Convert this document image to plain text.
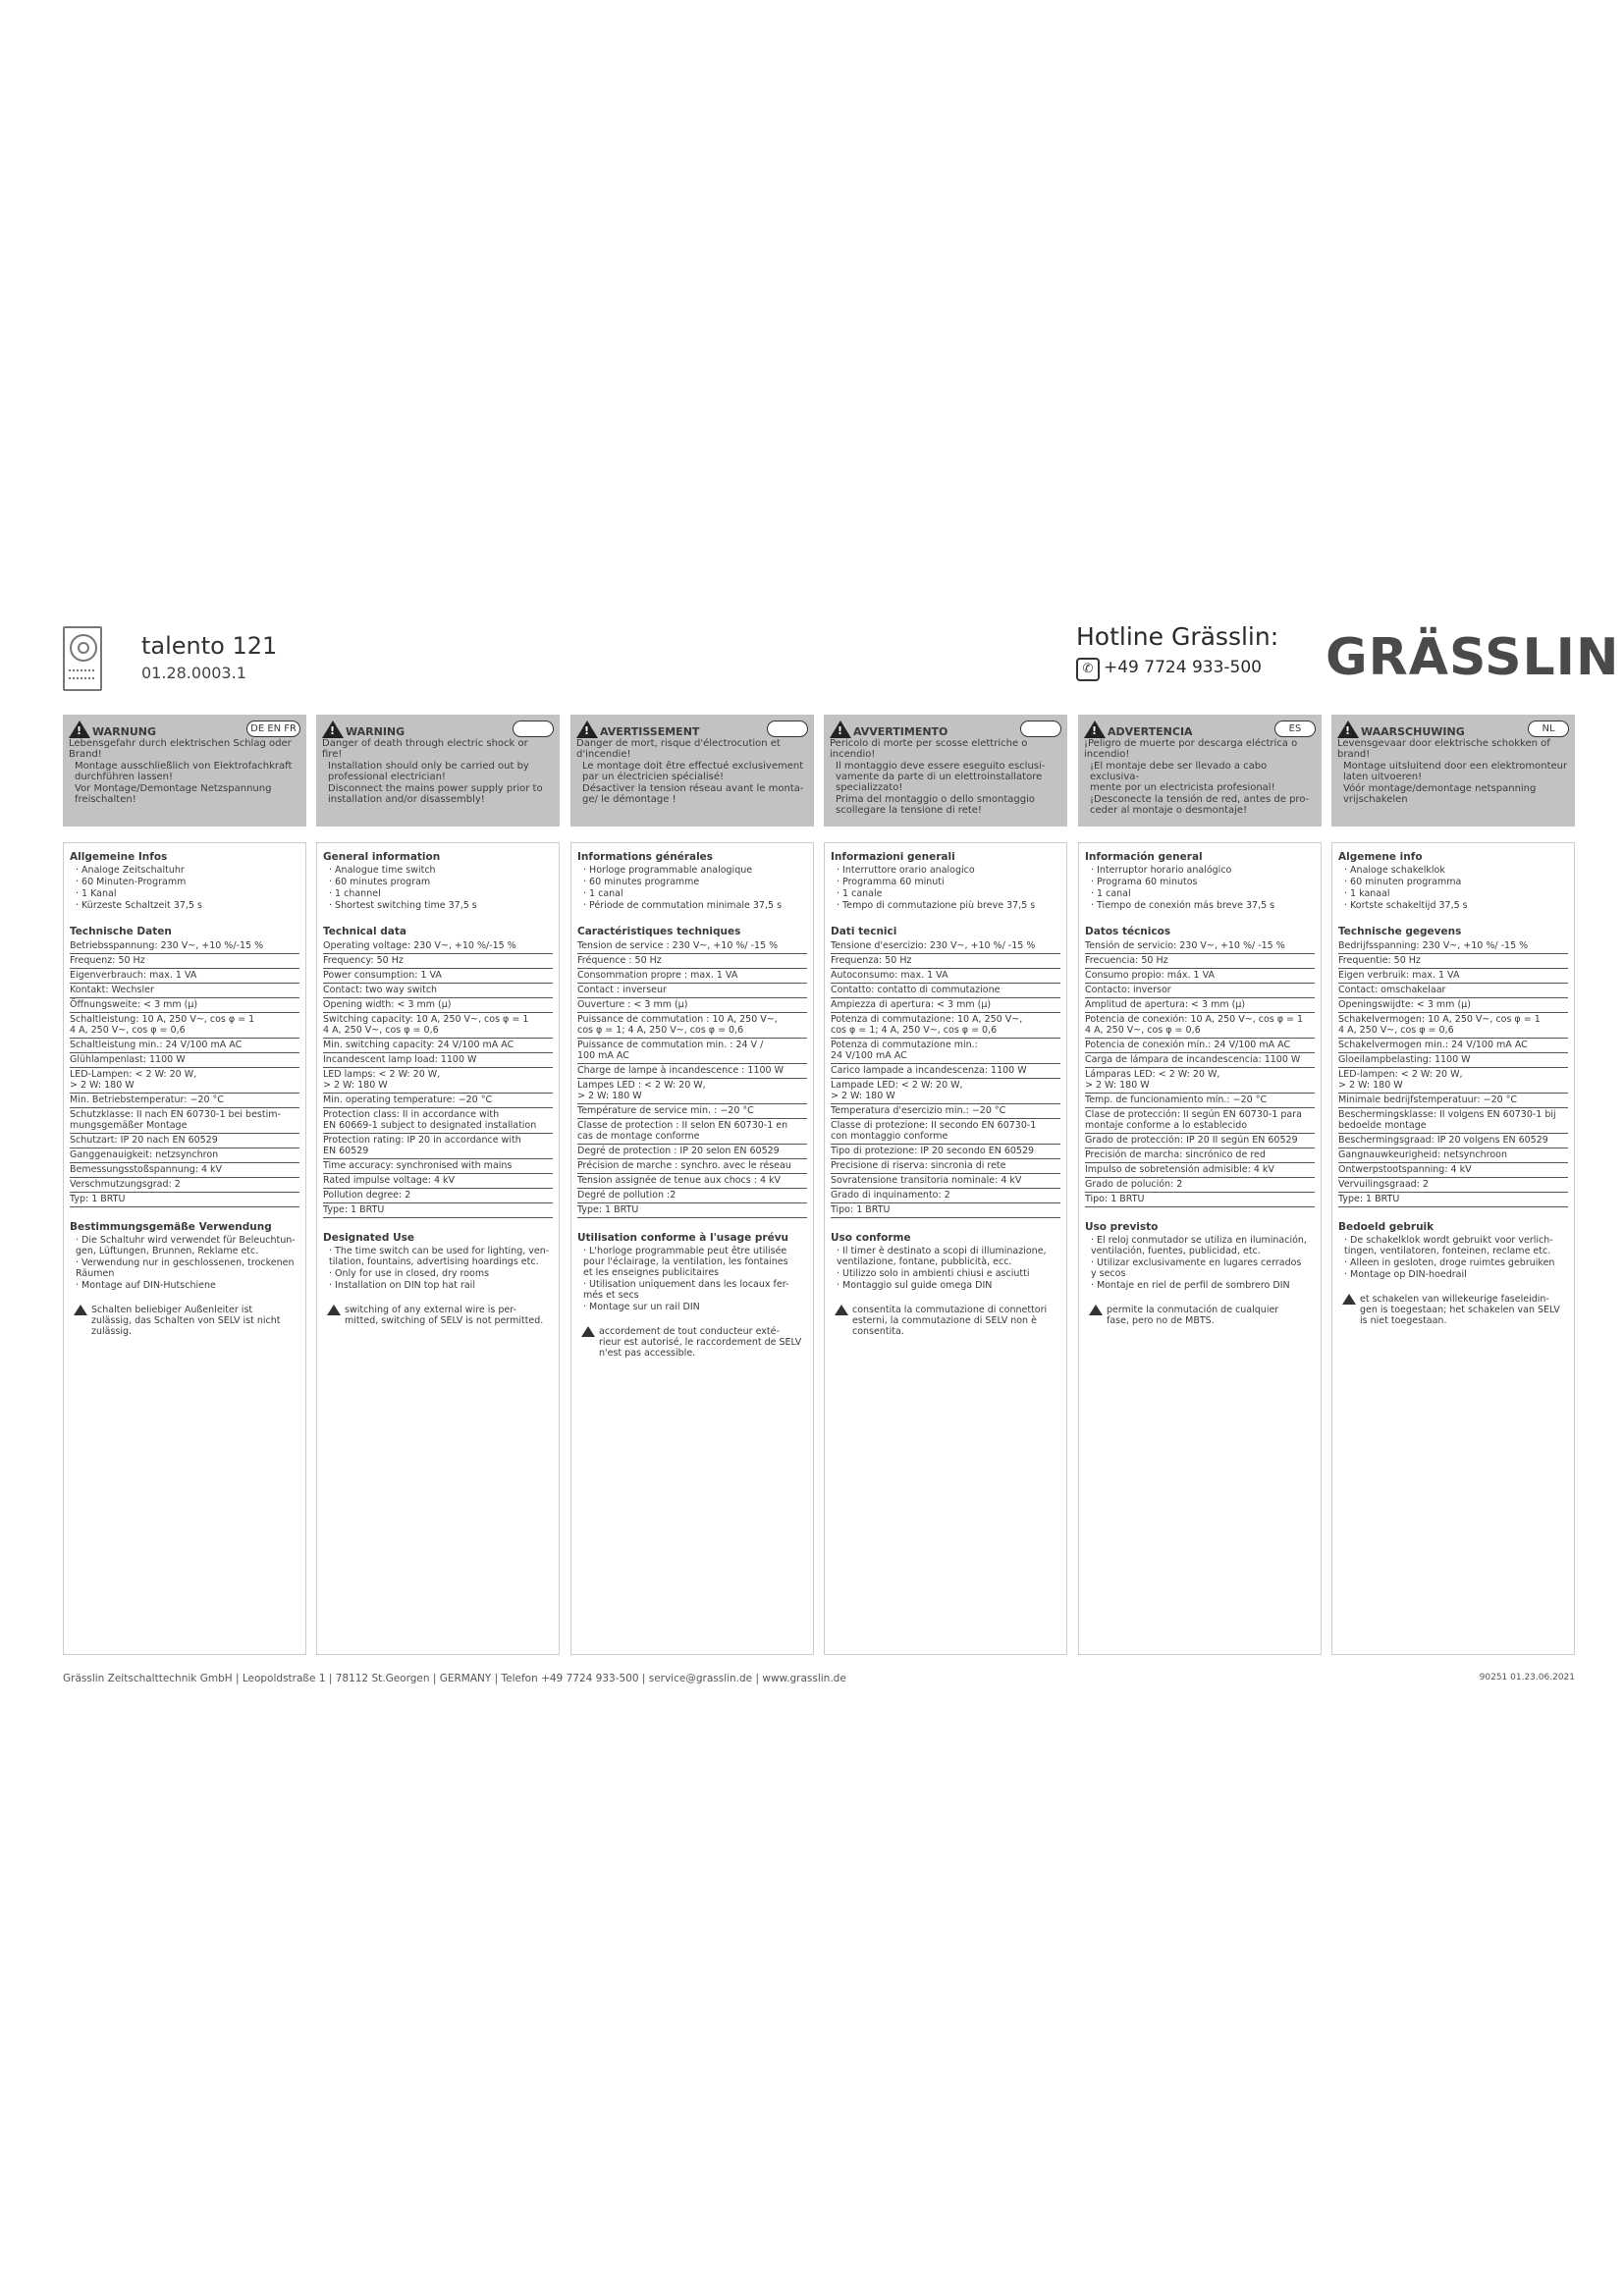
talento 121
01.28.0003.1
Hotline Grässlin:
✆ +49 7724 933-500 GRÄSSLIN
!
WARNUNG	DE EN FR

Lebensgefahr durch elektrischen Schlag oder
Brand!

Montage ausschließlich von Elektrofachkraft
durchführen lassen!

Vor Montage/Demontage Netzspannung
freischalten!

Allgemeine Infos
· Analoge Zeitschaltuhr
· 60 Minuten-Programm
· 1 Kanal
· Kürzeste Schaltzeit 37,5 s
Technische Daten
Betriebsspannung: 230 V~, +10 %/-15 %
Frequenz: 50 Hz
Eigenverbrauch: max. 1 VA
Kontakt: Wechsler
Öffnungsweite: < 3 mm (µ)
Schaltleistung: 10 A, 250 V~, cos φ = 1
4 A, 250 V~, cos φ = 0,6
Schaltleistung min.: 24 V/100 mA AC
Glühlampenlast: 1100 W
LED-Lampen: < 2 W: 20 W,
> 2 W: 180 W
Min. Betriebstemperatur: −20 °C
Schutzklasse: II nach EN 60730-1 bei bestim-
mungsgemäßer Montage
Schutzart: IP 20 nach EN 60529
Ganggenauigkeit: netzsynchron
Bemessungsstoßspannung: 4 kV
Verschmutzungsgrad: 2
Typ: 1 BRTU
Bestimmungsgemäße Verwendung
· Die Schaltuhr wird verwendet für Beleuchtun-
gen, Lüftungen, Brunnen, Reklame etc.
· Verwendung nur in geschlossenen, trockenen
Räumen
· Montage auf DIN-Hutschiene
Schalten beliebiger Außenleiter ist
zulässig, das Schalten von SELV ist nicht
zulässig.
!
WARNING

Danger of death through electric shock or
fire!

Installation should only be carried out by
professional electrician!

Disconnect the mains power supply prior to
installation and/or disassembly!

General information
· Analogue time switch
· 60 minutes program
· 1 channel
· Shortest switching time 37,5 s
Technical data
Operating voltage: 230 V~, +10 %/-15 %
Frequency: 50 Hz
Power consumption: 1 VA
Contact: two way switch
Opening width: < 3 mm (µ)
Switching capacity: 10 A, 250 V~, cos φ = 1
4 A, 250 V~, cos φ = 0,6
Min. switching capacity: 24 V/100 mA AC
Incandescent lamp load: 1100 W
LED lamps: < 2 W: 20 W,
> 2 W: 180 W
Min. operating temperature: −20 °C
Protection class: II in accordance with
EN 60669-1 subject to designated installation
Protection rating: IP 20 in accordance with
EN 60529
Time accuracy: synchronised with mains
Rated impulse voltage: 4 kV
Pollution degree: 2
Type: 1 BRTU
Designated Use
· The time switch can be used for lighting, ven-
tilation, fountains, advertising hoardings etc.
· Only for use in closed, dry rooms
· Installation on DIN top hat rail
switching of any external wire is per-
mitted, switching of SELV is not permitted.
!
AVERTISSEMENT

Danger de mort, risque d'électrocution et
d'incendie!

Le montage doit être effectué exclusivement
par un électricien spécialisé!

Désactiver la tension réseau avant le monta-
ge/ le démontage !

Informations générales
· Horloge programmable analogique
· 60 minutes programme
· 1 canal
· Période de commutation minimale 37,5 s
Caractéristiques techniques
Tension de service : 230 V~, +10 %/ -15 %
Fréquence : 50 Hz
Consommation propre : max. 1 VA
Contact : inverseur
Ouverture : < 3 mm (µ)
Puissance de commutation : 10 A, 250 V~,
cos φ = 1; 4 A, 250 V~, cos φ = 0,6
Puissance de commutation min. : 24 V /
100 mA AC
Charge de lampe à incandescence : 1100 W
Lampes LED : < 2 W: 20 W,
> 2 W: 180 W
Température de service min. : −20 °C
Classe de protection : II selon EN 60730-1 en
cas de montage conforme
Degré de protection : IP 20 selon EN 60529
Précision de marche : synchro. avec le réseau
Tension assignée de tenue aux chocs : 4 kV
Degré de pollution :2
Type: 1 BRTU
Utilisation conforme à l'usage prévu
· L'horloge programmable peut être utilisée
pour l'éclairage, la ventilation, les fontaines
et les enseignes publicitaires
· Utilisation uniquement dans les locaux fer-
més et secs
· Montage sur un rail DIN
accordement de tout conducteur exté-
rieur est autorisé, le raccordement de SELV
n'est pas accessible.
!
AVVERTIMENTO

Pericolo di morte per scosse elettriche o incendio!

Il montaggio deve essere eseguito esclusi-
vamente da parte di un elettroinstallatore
specializzato!

Prima del montaggio o dello smontaggio
scollegare la tensione di rete!

Informazioni generali
· Interruttore orario analogico
· Programma 60 minuti
· 1 canale
· Tempo di commutazione più breve 37,5 s
Dati tecnici
Tensione d'esercizio: 230 V~, +10 %/ -15 %
Frequenza: 50 Hz
Autoconsumo: max. 1 VA
Contatto: contatto di commutazione
Ampiezza di apertura: < 3 mm (µ)
Potenza di commutazione: 10 A, 250 V~,
cos φ = 1; 4 A, 250 V~, cos φ = 0,6
Potenza di commutazione min.:
24 V/100 mA AC
Carico lampade a incandescenza: 1100 W
Lampade LED: < 2 W: 20 W,
> 2 W: 180 W
Temperatura d'esercizio min.: −20 °C
Classe di protezione: II secondo EN 60730-1
con montaggio conforme
Tipo di protezione: IP 20 secondo EN 60529
Precisione di riserva: sincronia di rete
Sovratensione transitoria nominale: 4 kV
Grado di inquinamento: 2
Tipo: 1 BRTU
Uso conforme
· Il timer è destinato a scopi di illuminazione,
ventilazione, fontane, pubblicità, ecc.
· Utilizzo solo in ambienti chiusi e asciutti
· Montaggio sul guide omega DIN
consentita la commutazione di connettori
esterni, la commutazione di SELV non è
consentita.
!
ADVERTENCIA	ES

¡Peligro de muerte por descarga eléctrica o
incendio!

¡El montaje debe ser llevado a cabo exclusiva-
mente por un electricista profesional!

¡Desconecte la tensión de red, antes de pro-
ceder al montaje o desmontaje!

Información general
· Interruptor horario analógico
· Programa 60 minutos
· 1 canal
· Tiempo de conexión más breve 37,5 s
Datos técnicos
Tensión de servicio: 230 V~, +10 %/ -15 %
Frecuencia: 50 Hz
Consumo propio: máx. 1 VA
Contacto: inversor
Amplitud de apertura: < 3 mm (µ)
Potencia de conexión: 10 A, 250 V~, cos φ = 1
4 A, 250 V~, cos φ = 0,6
Potencia de conexión mín.: 24 V/100 mA AC
Carga de lámpara de incandescencia: 1100 W
Lámparas LED: < 2 W: 20 W,
> 2 W: 180 W
Temp. de funcionamiento mín.: −20 °C
Clase de protección: II según EN 60730-1 para
montaje conforme a lo establecido
Grado de protección: IP 20 II según EN 60529
Precisión de marcha: sincrónico de red
Impulso de sobretensión admisible: 4 kV
Grado de polución: 2
Tipo: 1 BRTU
Uso previsto
· El reloj conmutador se utiliza en iluminación,
ventilación, fuentes, publicidad, etc.
· Utilizar exclusivamente en lugares cerrados
y secos
· Montaje en riel de perfil de sombrero DIN
permite la conmutación de cualquier
fase, pero no de MBTS.
!
WAARSCHUWING	NL

Levensgevaar door elektrische schokken of
brand!

Montage uitsluitend door een elektromonteur
laten uitvoeren!

Vóór montage/demontage netspanning
vrijschakelen

Algemene info
· Analoge schakelklok
· 60 minuten programma
· 1 kanaal
· Kortste schakeltijd 37,5 s
Technische gegevens
Bedrijfsspanning: 230 V~, +10 %/ -15 %
Frequentie: 50 Hz
Eigen verbruik: max. 1 VA
Contact: omschakelaar
Openingswijdte: < 3 mm (µ)
Schakelvermogen: 10 A, 250 V~, cos φ = 1
4 A, 250 V~, cos φ = 0,6
Schakelvermogen min.: 24 V/100 mA AC
Gloeilampbelasting: 1100 W
LED-lampen: < 2 W: 20 W,
> 2 W: 180 W
Minimale bedrijfstemperatuur: −20 °C
Beschermingsklasse: II volgens EN 60730-1 bij
bedoelde montage
Beschermingsgraad: IP 20 volgens EN 60529
Gangnauwkeurigheid: netsynchroon
Ontwerpstootspanning: 4 kV
Vervuilingsgraad: 2
Type: 1 BRTU
Bedoeld gebruik
· De schakelklok wordt gebruikt voor verlich-
tingen, ventilatoren, fonteinen, reclame etc.
· Alleen in gesloten, droge ruimtes gebruiken
· Montage op DIN-hoedrail
et schakelen van willekeurige faseleidin-
gen is toegestaan; het schakelen van SELV
is niet toegestaan.
Grässlin Zeitschalttechnik GmbH | Leopoldstraße 1 | 78112 St.Georgen | GERMANY | Telefon +49 7724 933-500 | service@grasslin.de | www.grasslin.de	90251 01.23.06.2021
